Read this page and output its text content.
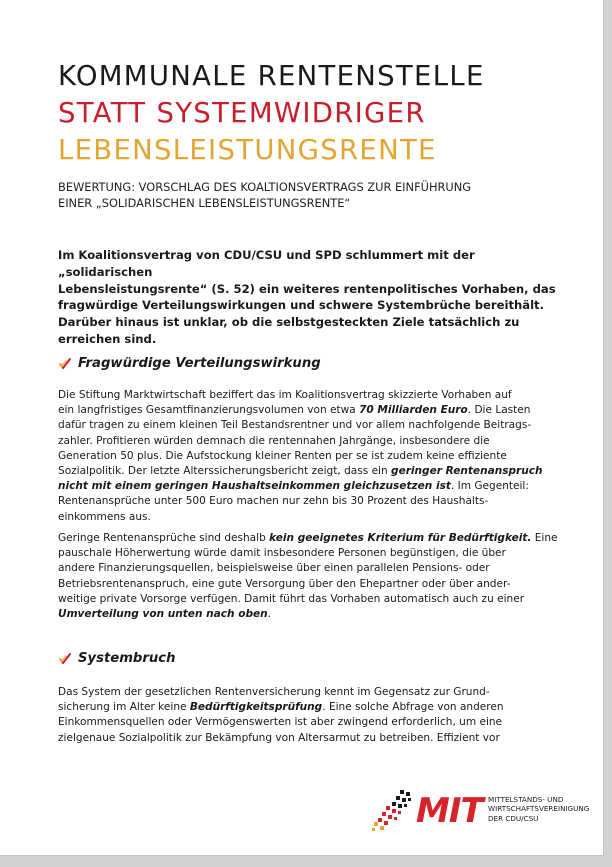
KOMMUNALE RENTENSTELLE
STATT SYSTEMWIDRIGER
LEBENSLEISTUNGSRENTE

BEWERTUNG: VORSCHLAG DES KOALTIONSVERTRAGS ZUR EINFÜHRUNG
EINER „SOLIDARISCHEN LEBENSLEISTUNGSRENTE“

Im Koalitionsvertrag von CDU/CSU und SPD schlummert mit der „solidarischen
Lebensleistungsrente“ (S. 52) ein weiteres rentenpolitisches Vorhaben, das
fragwürdige Verteilungswirkungen und schwere Systembrüche bereithält.
Darüber hinaus ist unklar, ob die selbstgesteckten Ziele tatsächlich zu
erreichen sind.

Fragwürdige Verteilungswirkung

Die Stiftung Marktwirtschaft beziffert das im Koalitionsvertrag skizzierte Vorhaben auf
ein langfristiges Gesamtfinanzierungsvolumen von etwa 70 Milliarden Euro. Die Lasten
dafür tragen zu einem kleinen Teil Bestandsrentner und vor allem nachfolgende Beitrags-
zahler. Profitieren würden demnach die rentennahen Jahrgänge, insbesondere die
Generation 50 plus. Die Aufstockung kleiner Renten per se ist zudem keine effiziente
Sozialpolitik. Der letzte Alterssicherungsbericht zeigt, dass ein geringer Rentenanspruch
nicht mit einem geringen Haushaltseinkommen gleichzusetzen ist. Im Gegenteil:
Rentenansprüche unter 500 Euro machen nur zehn bis 30 Prozent des Haushalts-
einkommens aus.

Geringe Rentenansprüche sind deshalb kein geeignetes Kriterium für Bedürftigkeit. Eine
pauschale Höherwertung würde damit insbesondere Personen begünstigen, die über
andere Finanzierungsquellen, beispielsweise über einen parallelen Pensions- oder
Betriebsrentenanspruch, eine gute Versorgung über den Ehepartner oder über ander-
weitige private Vorsorge verfügen. Damit führt das Vorhaben automatisch auch zu einer
Umverteilung von unten nach oben.

Systembruch

Das System der gesetzlichen Rentenversicherung kennt im Gegensatz zur Grund-
sicherung im Alter keine Bedürftigkeitsprüfung. Eine solche Abfrage von anderen
Einkommensquellen oder Vermögenswerten ist aber zwingend erforderlich, um eine
zielgenaue Sozialpolitik zur Bekämpfung von Altersarmut zu betreiben. Effizient vor

MIT MITTELSTANDS- UND
WIRTSCHAFTSVEREINIGUNG
DER CDU/CSU
